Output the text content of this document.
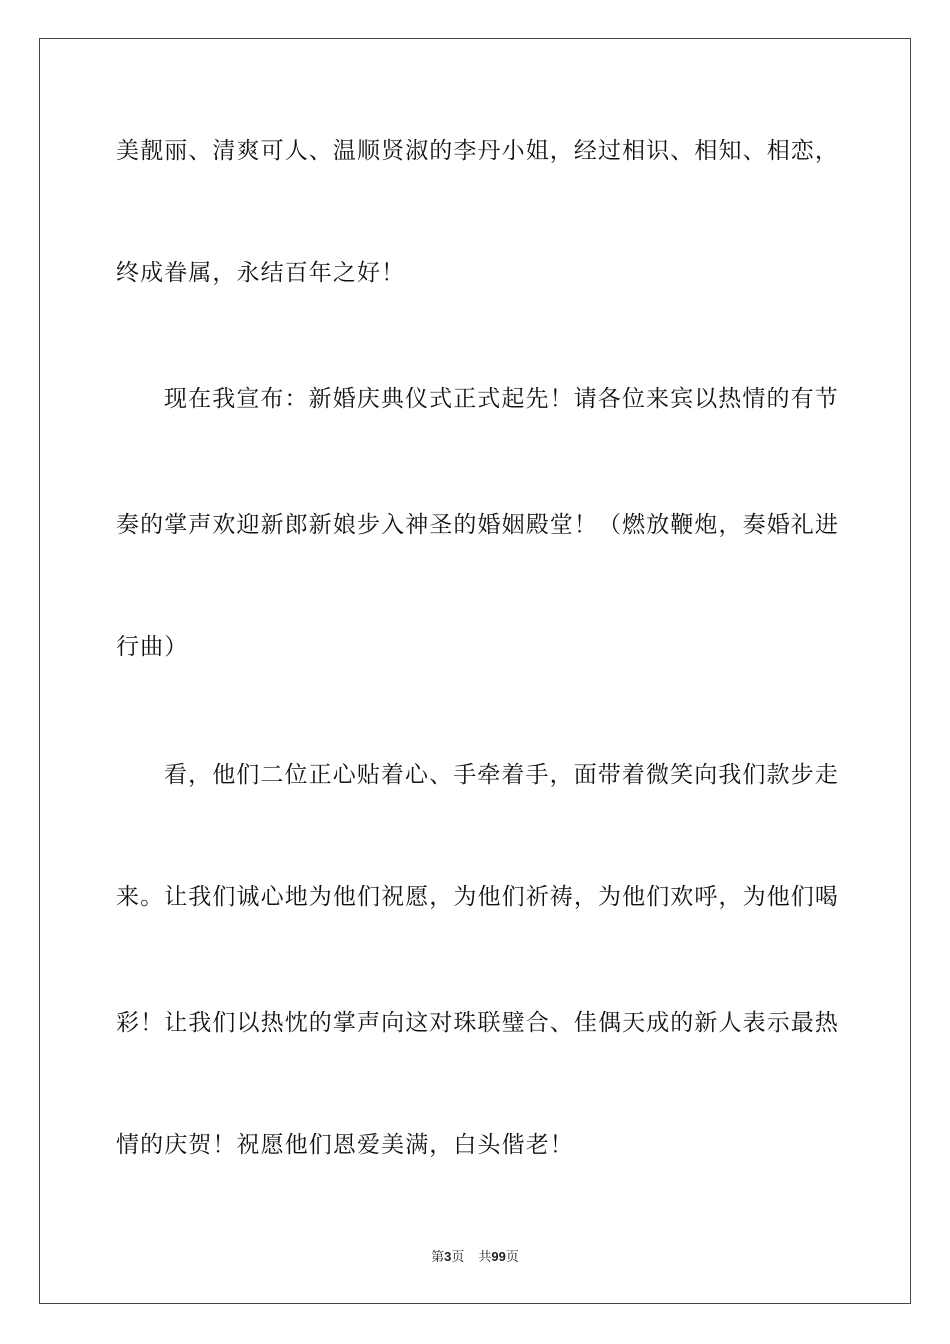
美靓丽、清爽可人、温顺贤淑的李丹小姐，经过相识、相知、相恋，
终成眷属，永结百年之好！
现在我宣布：新婚庆典仪式正式起先！请各位来宾以热情的有节
奏的掌声欢迎新郎新娘步入神圣的婚姻殿堂！（燃放鞭炮，奏婚礼进
行曲）
看，他们二位正心贴着心、手牵着手，面带着微笑向我们款步走
来。让我们诚心地为他们祝愿，为他们祈祷，为他们欢呼，为他们喝
彩！让我们以热忱的掌声向这对珠联璧合、佳偶天成的新人表示最热
情的庆贺！祝愿他们恩爱美满，白头偕老！
第3页 共99页
